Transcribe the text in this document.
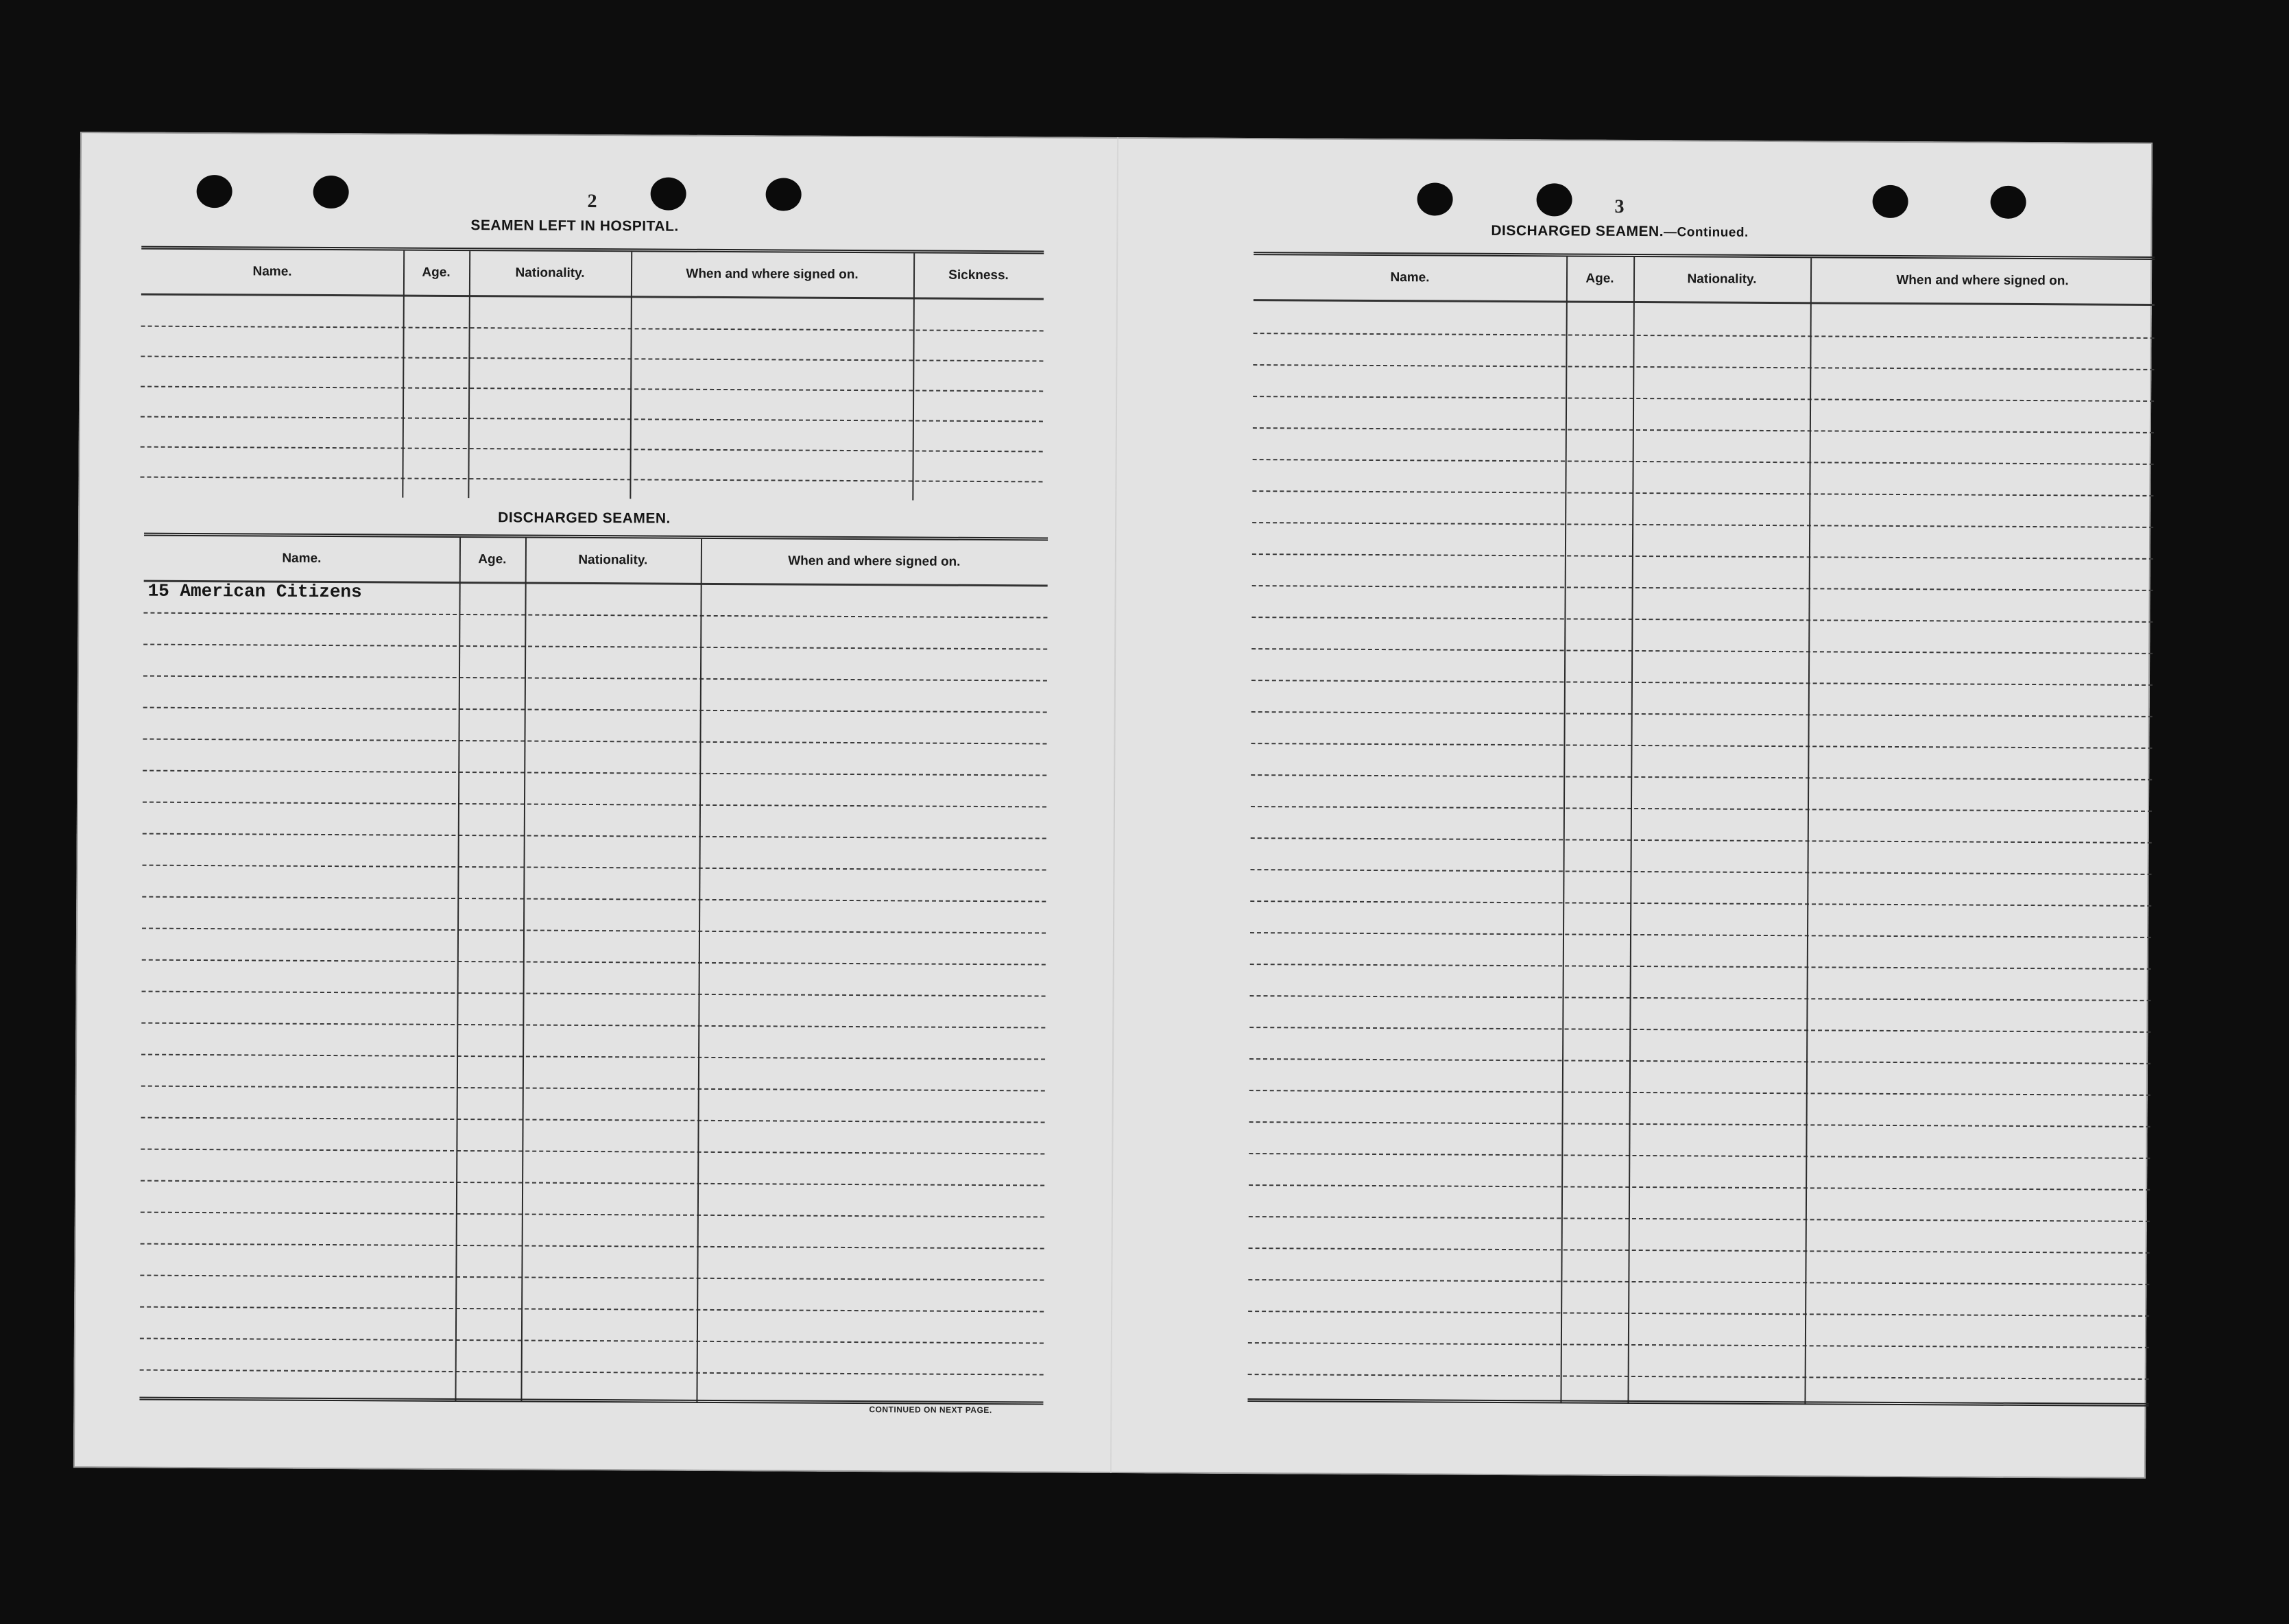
2
SEAMEN LEFT IN HOSPITAL.
Name.	Age.	Nationality.	When and where signed on.	Sickness.
DISCHARGED SEAMEN.
Name.	Age.	Nationality.	When and where signed on.
15 American Citizens
CONTINUED ON NEXT PAGE.
3
DISCHARGED SEAMEN.—Continued.
Name.	Age.	Nationality.	When and where signed on.
